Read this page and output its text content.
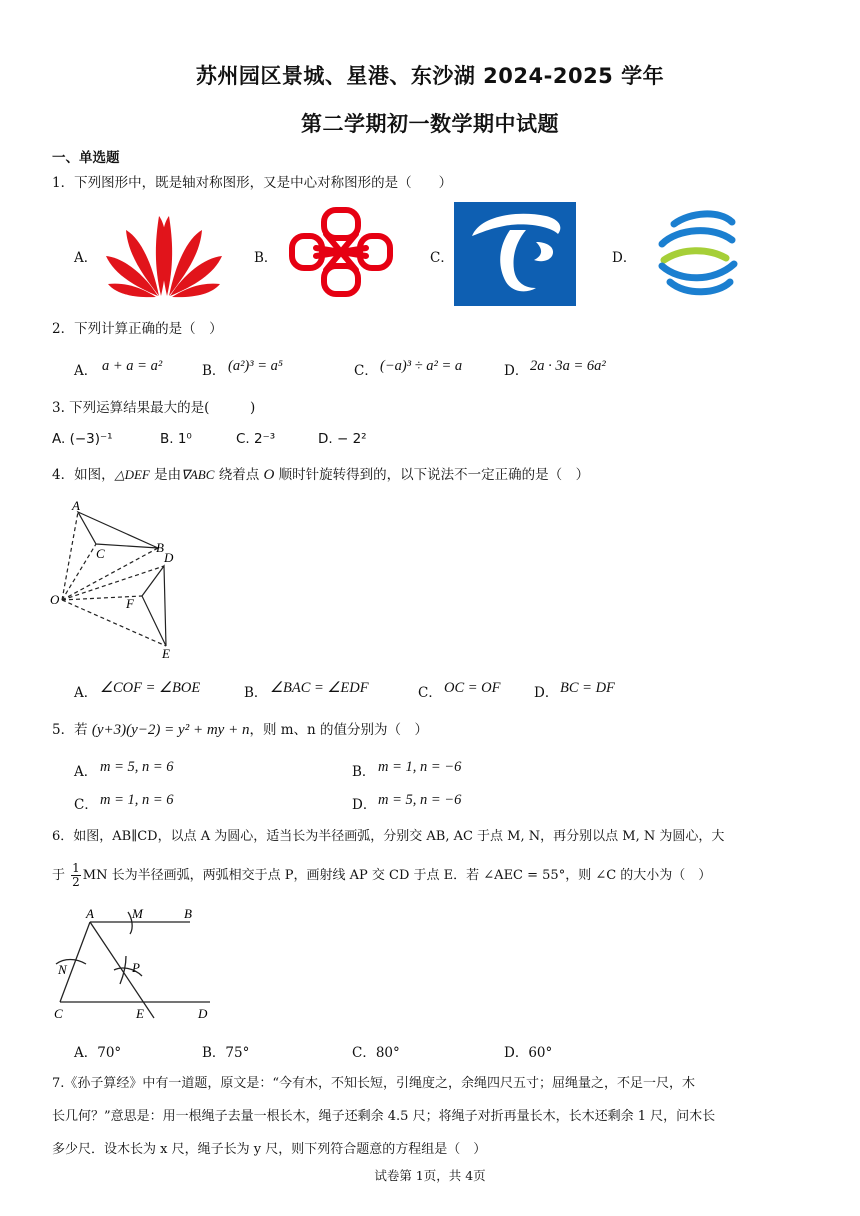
苏州园区景城、星港、东沙湖 2024-2025 学年
第二学期初一数学期中试题
一、单选题
1．下列图形中，既是轴对称图形，又是中心对称图形的是（　　）
A．	B．	C．	D．
2．下列计算正确的是（　）
A． a + a = a²	B． (a²)³ = a⁵	C． (−a)³ ÷ a² = a	D． 2a · 3a = 6a²
3. 下列运算结果最大的是(　　　)
A. (−3)⁻¹	B. 1⁰	C. 2⁻³	D. − 2²
4．如图，△DEF 是由∇ABC 绕着点 O 顺时针旋转得到的，以下说法不一定正确的是（　）
A
B
C	D
E
F
O
A． ∠COF = ∠BOE	B． ∠BAC = ∠EDF	C． OC = OF D． BC = DF
5．若 (y+3)(y−2) = y² + my + n，则 m、n 的值分别为（　）
A． m = 5, n = 6	B． m = 1, n = −6
C． m = 1, n = 6	D． m = 5, n = −6
6．如图，AB∥CD，以点 A 为圆心，适当长为半径画弧，分别交 AB, AC 于点 M, N，再分别以点 M, N 为圆心，大
于 $\frac{1}{2}$ MN 长为半径画弧，两弧相交于点 P，画射线 AP 交 CD 于点 E．若 ∠AEC = 55°，则 ∠C 的大小为（　）
A	M	B
N	P
C	E	D
A．70°	B．75°	C．80°	D．60°
7.《孙子算经》中有一道题，原文是：“今有木，不知长短，引绳度之，余绳四尺五寸；屈绳量之，不足一尺，木
长几何？”意思是：用一根绳子去量一根长木，绳子还剩余 4.5 尺；将绳子对折再量长木，长木还剩余 1 尺，问木长
多少尺．设木长为 x 尺，绳子长为 y 尺，则下列符合题意的方程组是（　）
试卷第 1页，共 4页
